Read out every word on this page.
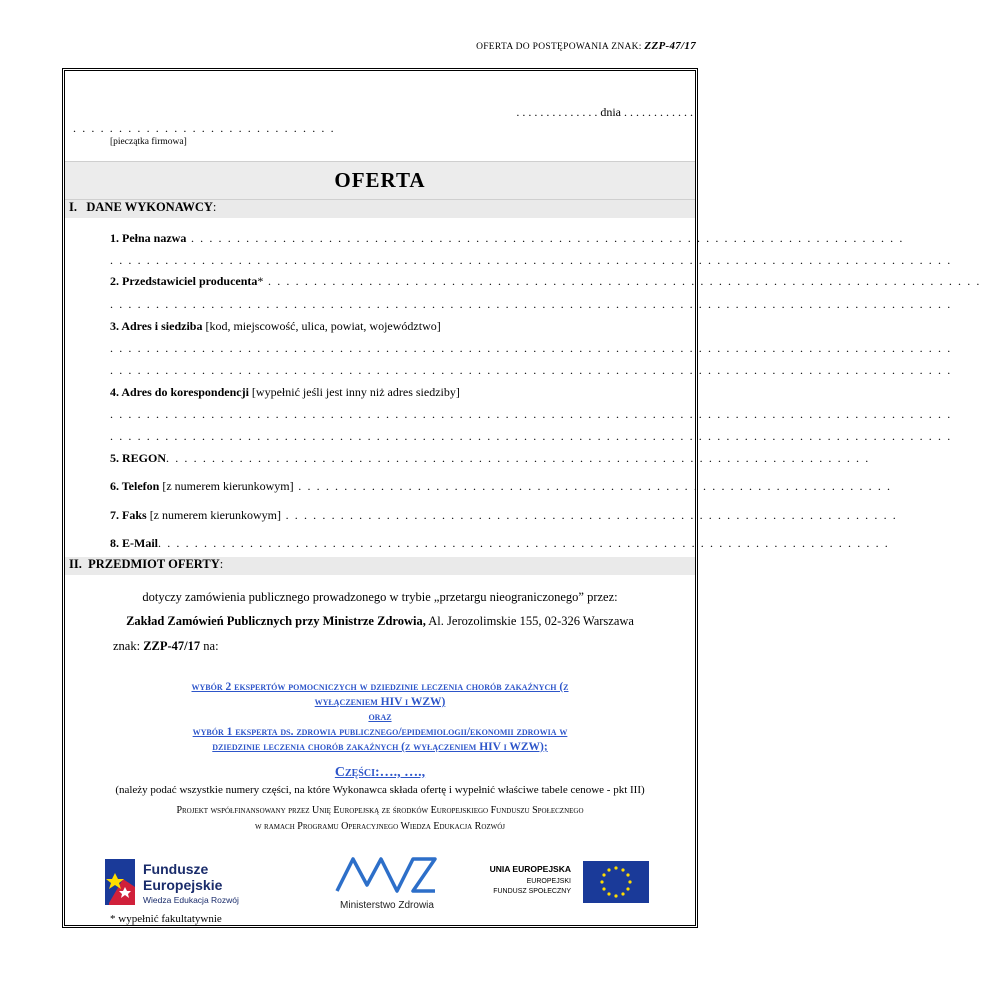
OFERTA DO POSTĘPOWANIA ZNAK: ZZP-47/17
. . . . . . . . . . . . . . dnia . . . . . . . . . . . .
. . . . . . . . . . . . . . . . . . . . . . . . . . . . .
[pieczątka firmowa]
OFERTA
I. DANE WYKONAWCY:
1. Pełna nazwa . . . . . . . . . . . . . . . . . . . . . . . . . . . . . . . . . . . . . . . . . . . . . . . . . . . . . . . . . . . . . . . . . . . . . . . . . . . . . .
. . . . . . . . . . . . . . . . . . . . . . . . . . . . . . . . . . . . . . . . . . . . . . . . . . . . . . . . . . . . . . . . . . . . . . . . . . . . . . . . . . . . . . . . . . . .
2. Przedstawiciel producenta* . . . . . . . . . . . . . . . . . . . . . . . . . . . . . . . . . . . . . . . . . . . . . . . . . . . . . . . . . . . . . . . . . . . . . . . . . . . . . .
. . . . . . . . . . . . . . . . . . . . . . . . . . . . . . . . . . . . . . . . . . . . . . . . . . . . . . . . . . . . . . . . . . . . . . . . . . . . . . . . . . . . . . . . . . . .
3. Adres i siedziba [kod, miejscowość, ulica, powiat, województwo]
. . . . . . . . . . . . . . . . . . . . . . . . . . . . . . . . . . . . . . . . . . . . . . . . . . . . . . . . . . . . . . . . . . . . . . . . . . . . . . . . . . . . . . . . . . . .
. . . . . . . . . . . . . . . . . . . . . . . . . . . . . . . . . . . . . . . . . . . . . . . . . . . . . . . . . . . . . . . . . . . . . . . . . . . . . . . . . . . . . . . . . . . .
4. Adres do korespondencji [wypełnić jeśli jest inny niż adres siedziby]
. . . . . . . . . . . . . . . . . . . . . . . . . . . . . . . . . . . . . . . . . . . . . . . . . . . . . . . . . . . . . . . . . . . . . . . . . . . . . . . . . . . . . . . . . . . .
. . . . . . . . . . . . . . . . . . . . . . . . . . . . . . . . . . . . . . . . . . . . . . . . . . . . . . . . . . . . . . . . . . . . . . . . . . . . . . . . . . . . . . . . . . . .
5. REGON. . . . . . . . . . . . . . . . . . . . . . . . . . . . . . . . . . . . . . . . . . . . . . . . . . . . . . . . . . . . . . . . . . . . . . . . . . . . .
6. Telefon [z numerem kierunkowym] . . . . . . . . . . . . . . . . . . . . . . . . . . . . . . . . . . . . . . . . . . . . . . . . . . . . . . . . . . . . . . . . .
7. Faks [z numerem kierunkowym] . . . . . . . . . . . . . . . . . . . . . . . . . . . . . . . . . . . . . . . . . . . . . . . . . . . . . . . . . . . . . . . . . . .
8. E-Mail. . . . . . . . . . . . . . . . . . . . . . . . . . . . . . . . . . . . . . . . . . . . . . . . . . . . . . . . . . . . . . . . . . . . . . . . . . . . . . . .
II. PRZEDMIOT OFERTY:
dotyczy zamówienia publicznego prowadzonego w trybie „przetargu nieograniczonego” przez:
Zakład Zamówień Publicznych przy Ministrze Zdrowia, Al. Jerozolimskie 155, 02-326 Warszawa
znak: ZZP-47/17 na:
wybór 2 ekspertów pomocniczych w dziedzinie leczenia chorób zakaźnych (z
wyłączeniem HIV i WZW)
oraz
wybór 1 eksperta ds. zdrowia publicznego/epidemiologii/ekonomii zdrowia w
dziedzinie leczenia chorób zakaźnych (z wyłączeniem HIV i WZW);
Części:…., ….,
(należy podać wszystkie numery części, na które Wykonawca składa ofertę i wypełnić właściwe tabele cenowe - pkt III)
Projekt współfinansowany przez Unię Europejską ze środków Europejskiego Funduszu Społecznego
w ramach Programu Operacyjnego Wiedza Edukacja Rozwój
Fundusze
Europejskie
Wiedza Edukacja Rozwój	Ministerstwo Zdrowia
UNIA EUROPEJSKA
EUROPEJSKI
FUNDUSZ SPOŁECZNY
* wypełnić fakultatywnie
